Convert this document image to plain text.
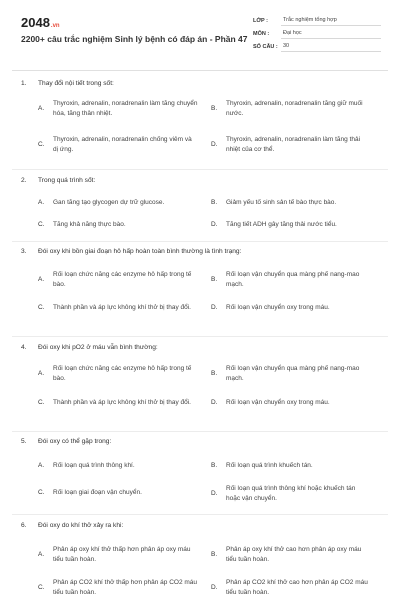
2048.vn
2200+ câu trắc nghiệm Sinh lý bệnh có đáp án - Phần 47
LỚP :	Trắc nghiệm tổng hợp
MÔN :	Đại học
SỐ CÂU : 30
1. Thay đổi nội tiết trong sốt:
A.
Thyroxin, adrenalin, noradrenalin làm tăng chuyển hóa, tăng thân nhiệt.
B.
Thyroxin, adrenalin, noradrenalin tăng giữ muối nước.
C.
Thyroxin, adrenalin, noradrenalin chống viêm và dị ứng.
D.
Thyroxin, adrenalin, noradrenalin làm tăng thải nhiệt của cơ thể.
2. Trong quá trình sốt:
A.	Gan tăng tạo glycogen dự trữ glucose.	B.	Giảm yếu tố sinh sản tế bào thực bào.
C.	Tăng khả năng thực bào.	D.	Tăng tiết ADH gây tăng thải nước tiểu.
3. Đói oxy khi bồn giai đoạn hô hấp hoàn toàn bình thường là tình trạng:
A.
Rối loạn chức năng các enzyme hô hấp trong tế bào.
B.
Rối loạn vận chuyển qua màng phế nang-mao mạch.
C.	Thành phần và áp lực không khí thở bị thay đổi.	D.	Rối loạn vận chuyển oxy trong máu.
4. Đói oxy khi pO2 ở máu vẫn bình thường:
A.
Rối loạn chức năng các enzyme hô hấp trong tế bào.
B.
Rối loạn vận chuyển qua màng phế nang-mao mạch.
C.	Thành phần và áp lực không khí thở bị thay đổi.	D.	Rối loạn vận chuyển oxy trong máu.
5. Đói oxy có thể gặp trong:
A.	Rối loạn quá trình thông khí.	B.	Rối loạn quá trình khuếch tán.
C.	Rối loạn giai đoạn vận chuyển.	D.
Rối loạn quá trình thông khí hoặc khuếch tán hoặc vận chuyển.
6. Đói oxy do khí thở xảy ra khi:
A.
Phân áp oxy khí thở thấp hơn phân áp oxy máu tiểu tuần hoàn.
B.
Phân áp oxy khí thở cao hơn phân áp oxy máu tiểu tuần hoàn.
C.
Phân áp CO2 khí thở thấp hơn phân áp CO2 máu tiểu tuần hoàn.
D.
Phân áp CO2 khí thở cao hơn phân áp CO2 máu tiểu tuần hoàn.
